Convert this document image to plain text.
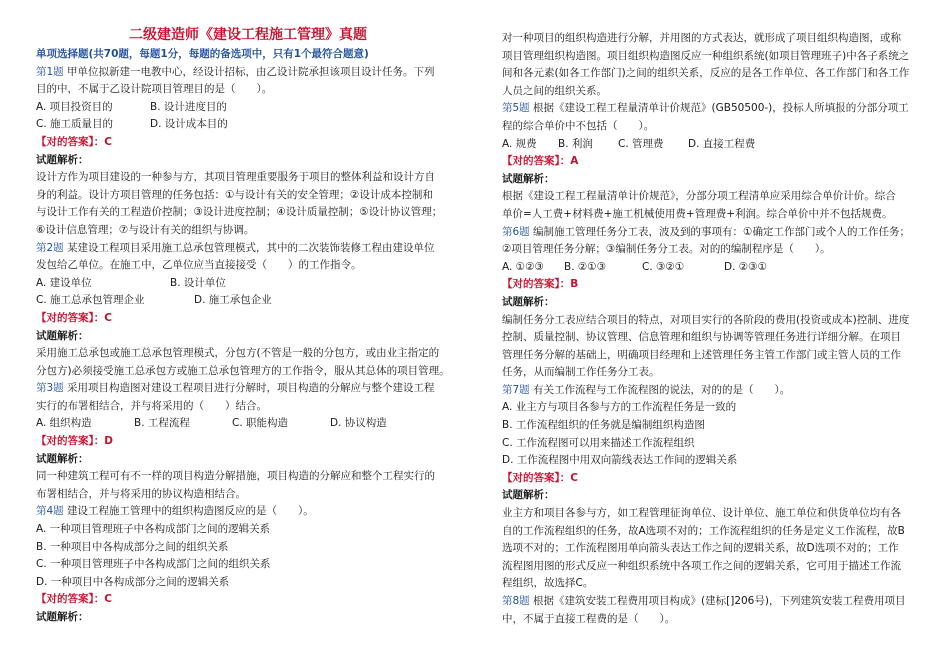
二级建造师《建设工程施工管理》真题

单项选择题(共70题，每题1分，每题的备选项中，只有1个最符合题意)

第1题 甲单位拟新建一电教中心，经设计招标，由乙设计院承担该项目设计任务。下列

目的中，不属于乙设计院项目管理目的是（　　）。

A. 项目投资目的	B. 设计进度目的
C. 施工质量目的	D. 设计成本目的

【对的答案】：C

试题解析：

设计方作为项目建设的一种参与方，其项目管理重要服务于项目的整体利益和设计方自

身的利益。设计方项目管理的任务包括：①与设计有关的安全管理；②设计成本控制和

与设计工作有关的工程造价控制；③设计进度控制；④设计质量控制；⑤设计协议管理；

⑥设计信息管理；⑦与设计有关的组织与协调。

第2题 某建设工程项目采用施工总承包管理模式，其中的二次装饰装修工程由建设单位

发包给乙单位。在施工中，乙单位应当直接接受（　　）的工作指令。

A. 建设单位	B. 设计单位
C. 施工总承包管理企业	D. 施工承包企业

【对的答案】：C

试题解析：

采用施工总承包或施工总承包管理模式，分包方(不管是一般的分包方，或由业主指定的

分包方)必须接受施工总承包方或施工总承包管理方的工作指令，服从其总体的项目管理。

第3题 采用项目构造图对建设工程项目进行分解时，项目构造的分解应与整个建设工程

实行的布署相结合，并与将采用的（　　）结合。

A. 组织构造	B. 工程流程	C. 职能构造	D. 协议构造

【对的答案】：D

试题解析：

同一种建筑工程可有不一样的项目构造分解措施，项目构造的分解应和整个工程实行的

布署相结合，并与将采用的协议构造相结合。

第4题 建设工程施工管理中的组织构造图反应的是（　　）。

A. 一种项目管理班子中各构成部门之间的逻辑关系

B. 一种项目中各构成部分之间的组织关系

C. 一种项目管理班子中各构成部门之间的组织关系

D. 一种项目中各构成部分之间的逻辑关系

【对的答案】：C

试题解析：

对一种项目的组织构造进行分解，并用图的方式表达，就形成了项目组织构造图，或称

项目管理组织构造图。项目组织构造图反应一种组织系统(如项目管理班子)中各子系统之

间和各元素(如各工作部门)之间的组织关系，反应的是各工作单位、各工作部门和各工作

人员之间的组织关系。

第5题 根据《建设工程工程量清单计价规范》(GB50500-)，投标人所填报的分部分项工

程的综合单价中不包括（　　）。

A. 规费	B. 利润	C. 管理费	D. 直接工程费

【对的答案】：A

试题解析：

根据《建设工程工程量清单计价规范》，分部分项工程清单应采用综合单价计价。综合

单价=人工费+材料费+施工机械使用费+管理费+利润。综合单价中并不包括规费。

第6题 编制施工管理任务分工表，波及到的事项有：①确定工作部门或个人的工作任务；

②项目管理任务分解；③编制任务分工表。对的的编制程序是（　　）。

A. ①②③	B. ②①③	C. ③②①	D. ②③①

【对的答案】：B

试题解析：

编制任务分工表应结合项目的特点，对项目实行的各阶段的费用(投资或成本)控制、进度

控制、质量控制、协议管理、信息管理和组织与协调等管理任务进行详细分解。在项目

管理任务分解的基础上，明确项目经理和上述管理任务主管工作部门或主管人员的工作

任务，从而编制工作任务分工表。

第7题 有关工作流程与工作流程图的说法，对的的是（　　）。

A. 业主方与项目各参与方的工作流程任务是一致的

B. 工作流程组织的任务就是编制组织构造图

C. 工作流程图可以用来描述工作流程组织

D. 工作流程图中用双向箭线表达工作间的逻辑关系

【对的答案】：C

试题解析：

业主方和项目各参与方，如工程管理征询单位、设计单位、施工单位和供货单位均有各

自的工作流程组织的任务，故A选项不对的；工作流程组织的任务是定义工作流程，故B

选项不对的；工作流程图用单向箭头表达工作之间的逻辑关系，故D选项不对的；工作

流程图用图的形式反应一种组织系统中各项工作之间的逻辑关系，它可用于描述工作流

程组织，故选择C。

第8题 根据《建筑安装工程费用项目构成》(建标[]206号)，下列建筑安装工程费用项目

中，不属于直接工程费的是（　　）。
